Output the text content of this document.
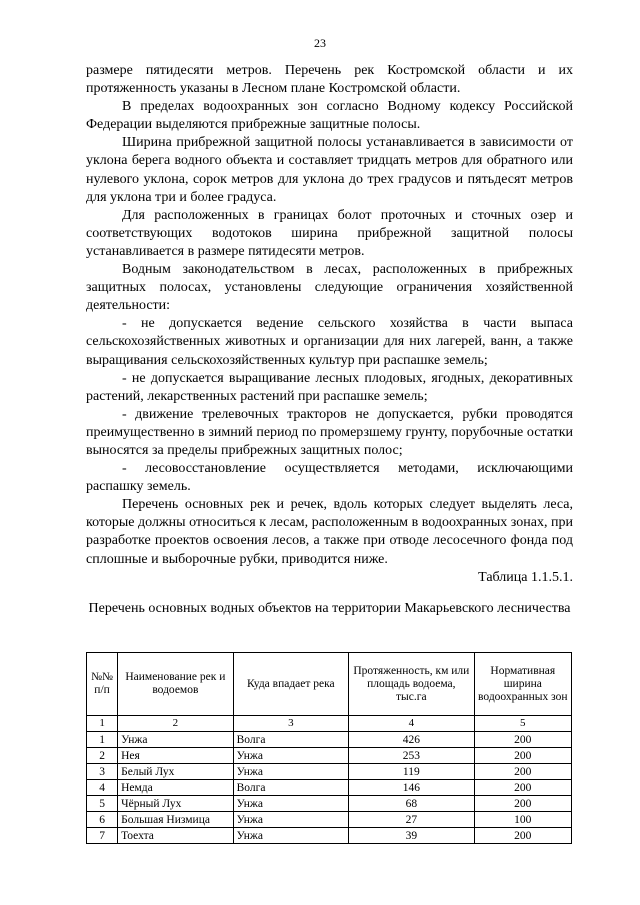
23

размере пятидесяти метров. Перечень рек Костромской области и их протяженность указаны в Лесном плане Костромской области.

В пределах водоохранных зон согласно Водному кодексу Российской Федерации выделяются прибрежные защитные полосы.

Ширина прибрежной защитной полосы устанавливается в зависимости от уклона берега водного объекта и составляет тридцать метров для обратного или нулевого уклона, сорок метров для уклона до трех градусов и пятьдесят метров для уклона три и более градуса.

Для расположенных в границах болот проточных и сточных озер и соответствующих водотоков ширина прибрежной защитной полосы устанавливается в размере пятидесяти метров.

Водным законодательством в лесах, расположенных в прибрежных защитных полосах, установлены следующие ограничения хозяйственной деятельности:

- не допускается ведение сельского хозяйства в части выпаса сельскохозяйственных животных и организации для них лагерей, ванн, а также выращивания сельскохозяйственных культур при распашке земель;

- не допускается выращивание лесных плодовых, ягодных, декоративных растений, лекарственных растений при распашке земель;

- движение трелевочных тракторов не допускается, рубки проводятся преимущественно в зимний период по промерзшему грунту, порубочные остатки выносятся за пределы прибрежных защитных полос;

- лесовосстановление осуществляется методами, исключающими распашку земель.

Перечень основных рек и речек, вдоль которых следует выделять леса, которые должны относиться к лесам, расположенным в водоохранных зонах, при разработке проектов освоения лесов, а также при отводе лесосечного фонда под сплошные и выборочные рубки, приводится ниже.

Таблица 1.1.5.1.

Перечень основных водных объектов на территории Макарьевского лесничества
№№ п/п	Наименование рек и водоемов	Куда впадает река	Протяженность, км или площадь водоема, тыс.га	Нормативная ширина водоохранных зон
1	2	3	4	5
1	Унжа	Волга	426	200
2	Нея	Унжа	253	200
3	Белый Лух	Унжа	119	200
4	Немда	Волга	146	200
5	Чёрный Лух	Унжа	68	200
6	Большая Низмица	Унжа	27	100
7	Тоехта	Унжа	39	200
